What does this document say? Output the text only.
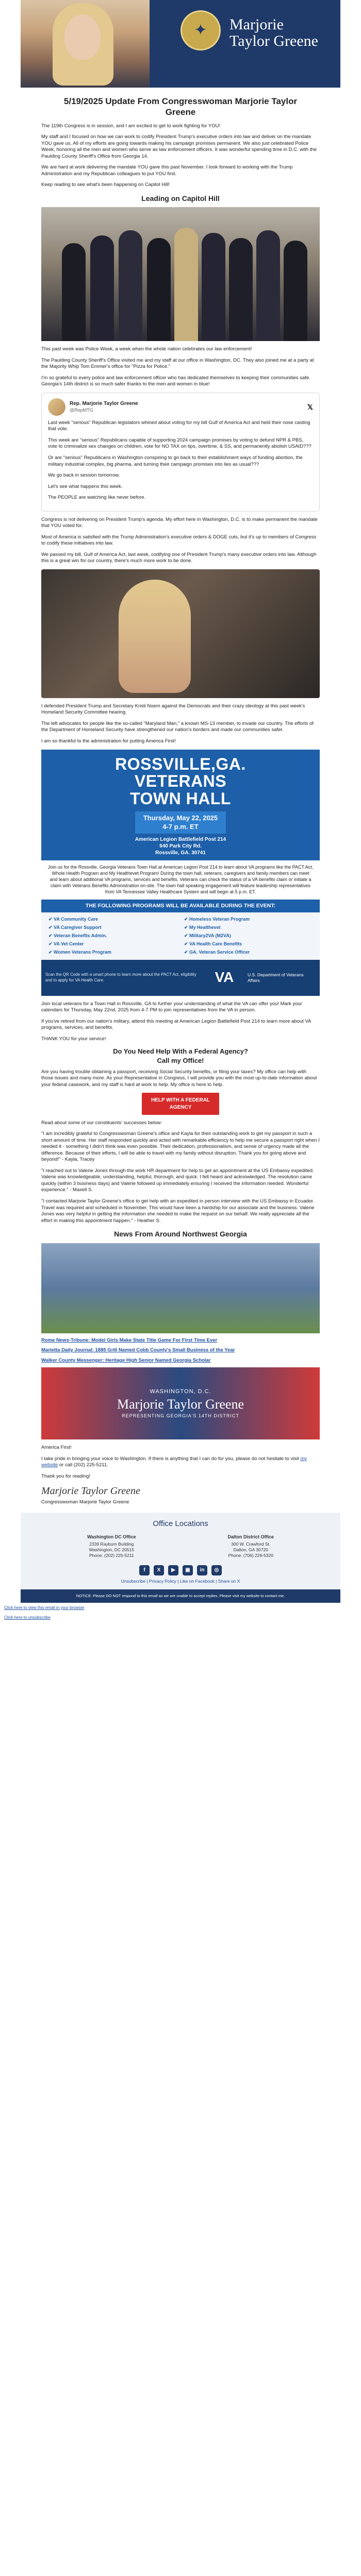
✦ Marjorie
Taylor Greene
5/19/2025 Update From Congresswoman Marjorie Taylor Greene

The 119th Congress is in session, and I am excited to get to work fighting for YOU!

My staff and I focused on how we can work to codify President Trump's executive orders into law and deliver on the mandate YOU gave us. All of my efforts are going towards making his campaign promises permanent. We also just celebrated Police Week, honoring all the men and women who serve as law enforcement officers. It was wonderful spending time in D.C. with the Paulding County Sheriff's Office from Georgia 14.

We are hard at work delivering the mandate YOU gave this past November. I look forward to working with the Trump Administration and my Republican colleagues to put YOU first.

Keep reading to see what's been happening on Capitol Hill!

Leading on Capitol Hill

This past week was Police Week, a week when the whole nation celebrates our law enforcement!

The Paulding County Sheriff's Office visited me and my staff at our office in Washington, DC. They also joined me at a party at the Majority Whip Tom Emmer's office for "Pizza for Police."

I'm so grateful to every police and law enforcement officer who has dedicated themselves to keeping their communities safe. Georgia's 14th district is so much safer thanks to the men and women in blue!

Rep. Marjorie Taylor Greene
@RepMTG	𝕏

Last week "serious" Republican legislators whined about voting for my bill Gulf of America Act and held their nose casting that vote.

This week are "serious" Republicans capable of supporting 2024 campaign promises by voting to defund NPR & PBS, vote to criminalize sex changes on children, vote for NO TAX on tips, overtime, & SS, and permanently abolish USAID???

Or are "serious" Republicans in Washington conspiring to go back to their establishment ways of funding abortion, the military industrial complex, big pharma, and turning their campaign promises into lies as usual???

We go back in session tomorrow.

Let's see what happens this week.

The PEOPLE are watching like never before.

Congress is not delivering on President Trump's agenda. My effort here in Washington, D.C. is to make permanent the mandate that YOU voted for.

Most of America is satisfied with the Trump Administration's executive orders & DOGE cuts, but it's up to members of Congress to codify these initiatives into law.

We passed my bill, Gulf of America Act, last week, codifying one of President Trump's many executive orders into law. Although this is a great win for our country, there's much more work to be done.

I defended President Trump and Secretary Kristi Noem against the Democrats and their crazy ideology at this past week's Homeland Security Committee hearing.

The left advocates for people like the so-called "Maryland Man," a known MS-13 member, to invade our country. The efforts of the Department of Homeland Security have strengthened our nation's borders and made our communities safer.

I am so thankful to the administration for putting America First!

ROSSVILLE,GA.
VETERANS
TOWN HALL
Thursday, May 22, 2025
4-7 p.m. ET
American Legion Battlefield Post 214
940 Park City Rd.
Rossville, GA. 30741
Join us for the Rossville, Georgia Veterans Town Hall at American Legion Post 214 to learn about VA programs like the PACT Act, Whole Health Program and My Healthevet Program! During the town hall, veterans, caregivers and family members can meet and learn about additional VA programs, services and benefits. Veterans can check the status of a VA benefits claim or initiate a claim with Veterans Benefits Administration on-site. The town hall speaking engagement will feature leadership representatives from VA Tennessee Valley Healthcare System and will begin at 5 p.m. ET.
THE FOLLOWING PROGRAMS WILL BE AVAILABLE DURING THE EVENT:
✔ VA Community Care	✔ Homeless Veteran Program
✔ VA Caregiver Support	✔ My Healthevet
✔ Veteran Benefits Admin.	✔ Military2VA (M2VA)
✔ VA Vet Center	✔ VA Health Care Benefits
✔ Women Veterans Program	✔ GA. Veteran Service Officer
Scan the QR Code with a smart phone to learn more about the PACT Act, eligibility and to apply for VA Health Care.	VA	U.S. Department of Veterans Affairs

Join local veterans for a Town Hall in Rossville, GA to further your understanding of what the VA can offer you! Mark your calendars for Thursday, May 22nd, 2025 from 4-7 PM to join representatives from the VA in person.

If you've retired from our nation's military, attend this meeting at American Legion Battlefield Post 214 to learn more about VA programs, services, and benefits.

THANK YOU for your service!

Do You Need Help With a Federal Agency?
Call my Office!

Are you having trouble obtaining a passport, receiving Social Security benefits, or filing your taxes? My office can help with those issues and many more. As your Representative in Congress, I will provide you with the most up-to-date information about your federal casework, and my staff is hard at work to help. My office is here to help.

HELP WITH A FEDERAL AGENCY

Read about some of our constituents' successes below:

"I am incredibly grateful to Congresswoman Greene's office and Kayla for their outstanding work to get my passport in such a short amount of time. Her staff responded quickly and acted with remarkable efficiency to help me secure a passport right when I needed it - something I didn't think was even possible. Their dedication, professionalism, and sense of urgency made all the difference. Because of their efforts, I will be able to travel with my family without disruption. Thank you for going above and beyond!" - Kayla, Tracey

"I reached out to Valerie Jones through the work HR department for help to get an appointment at the US Embassy expedited. Valerie was knowledgeable, understanding, helpful, thorough, and quick. I felt heard and acknowledged. The resolution came quickly (within 3 business days) and Valerie followed up immediately ensuring I received the information needed. Wonderful experience." - Maxell S.

"I contacted Marjorie Taylor Greene's office to get help with an expedited in person interview with the US Embassy in Ecuador. Travel was required and scheduled in November. This would have been a hardship for our associate and the business. Valerie Jones was very helpful in getting the information she needed to make the request on our behalf. We really appreciate all the effort in making this appointment happen." - Heather S.

News From Around Northwest Georgia
Rome News-Tribune: Model Girls Make State Title Game For First Time Ever
Marietta Daily Journal: 1885 Grill Named Cobb County's Small Business of the Year
Walker County Messenger: Heritage High Senior Named Georgia Scholar
WASHINGTON, D.C.
Marjorie Taylor Greene
REPRESENTING GEORGIA'S 14TH DISTRICT

America First!

I take pride in bringing your voice to Washington. If there is anything that I can do for you, please do not hesitate to visit my website or call (202) 225-5211.

Thank you for reading!

Marjorie Taylor Greene

Congresswoman Marjorie Taylor Greene

Office Locations
Washington DC Office
2339 Rayburn Building
Washington, DC 20515
Phone: (202) 225-5211
Dalton District Office
300 W. Crawford St.
Dalton, GA 30720
Phone: (706) 226-5320
f	X	▶	▣	in	◎
Unsubscribe | Privacy Policy | Like on Facebook | Share on X
NOTICE: Please DO NOT respond to this email as we are unable to accept replies. Please visit my website to contact me.
Click here to view this email in your browser
Click here to unsubscribe
